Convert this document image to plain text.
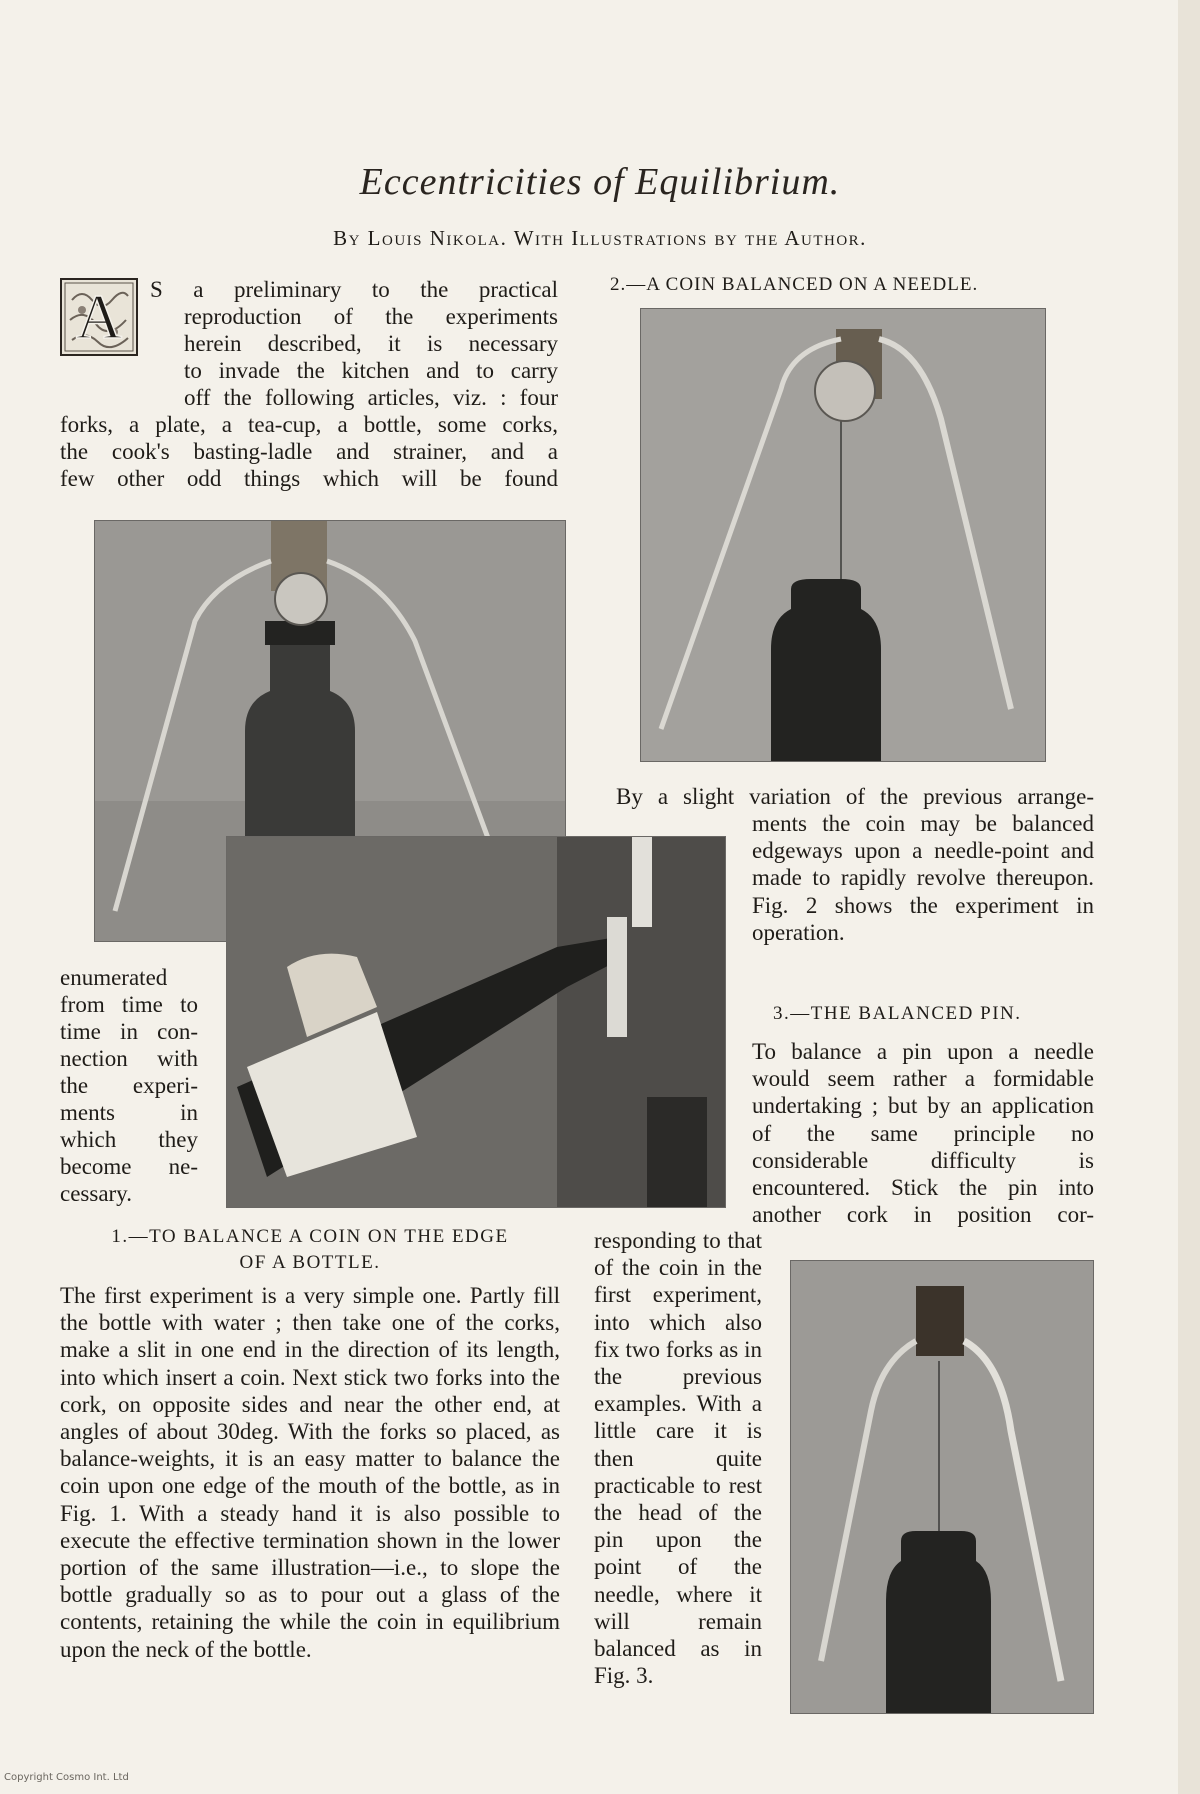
Eccentricities of Equilibrium.
By Louis Nikola. With Illustrations by the Author.
A S a preliminary to the practical

reproduction of the experiments

herein described, it is necessary

to invade the kitchen and to carry

off the following articles, viz. : four

forks, a plate, a tea-cup, a bottle, some corks,

the cook's basting-ladle and strainer, and a

few other odd things which will be found

enumerated

from time to

time in con-

nection with

the experi-

ments in

which they

become ne-

cessary.

1.—TO BALANCE A COIN ON THE EDGE

OF A BOTTLE.

The first experiment is a very simple one. Partly fill the bottle with water ; then take one of the corks, make a slit in one end in the direction of its length, into which insert a coin. Next stick two forks into the cork, on opposite sides and near the other end, at angles of about 30deg. With the forks so placed, as balance-weights, it is an easy matter to balance the coin upon one edge of the mouth of the bottle, as in Fig. 1. With a steady hand it is also possible to execute the effective termination shown in the lower portion of the same illustration—i.e., to slope the bottle gradually so as to pour out a glass of the contents, retaining the while the coin in equilibrium upon the neck of the bottle.

2.—A COIN BALANCED ON A NEEDLE.

By a slight variation of the previous arrange-

ments the coin may be balanced edgeways upon a needle-point and made to rapidly revolve thereupon. Fig. 2 shows the experiment in operation.

3.—THE BALANCED PIN.

To balance a pin upon a needle would seem rather a formidable undertaking ; but by an application of the same principle no considerable difficulty is encountered. Stick the pin into another cork in position cor-

responding to that of the coin in the first experiment, into which also fix two forks as in the previous examples. With a little care it is then quite practicable to rest the head of the pin upon the point of the needle, where it will remain balanced as in Fig. 3.

Copyright Cosmo Int. Ltd
